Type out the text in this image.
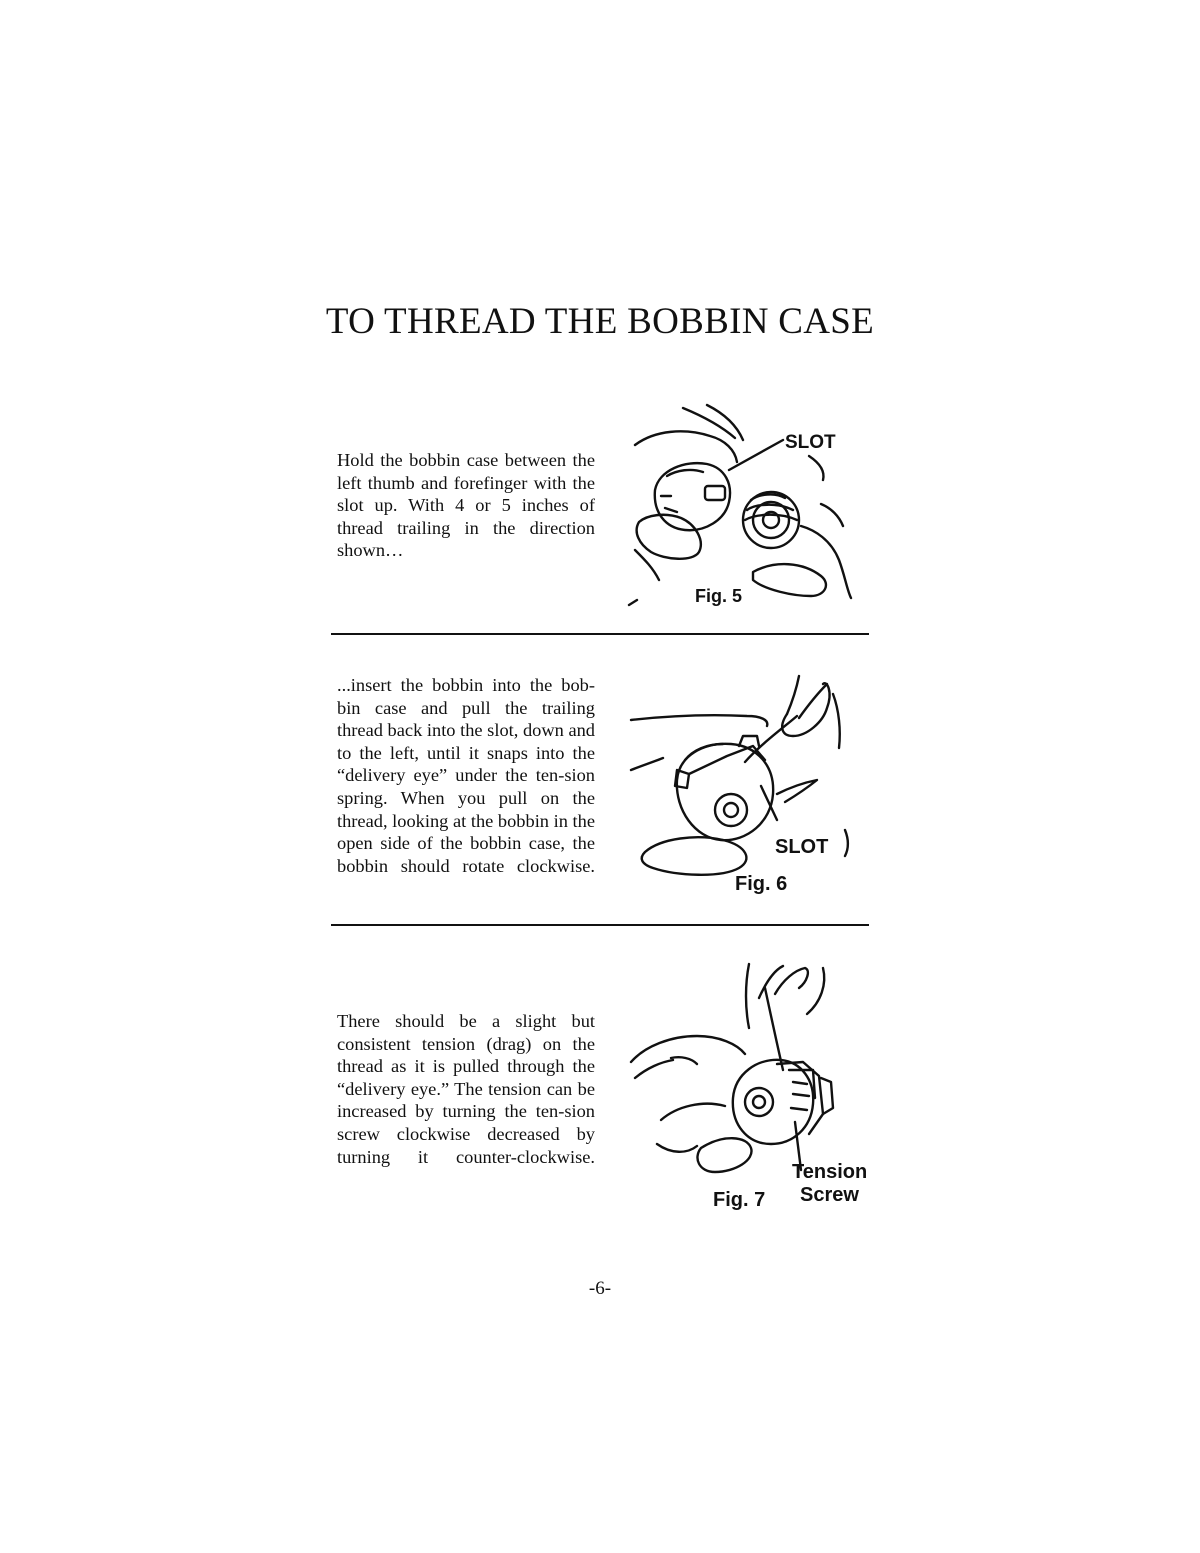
TO THREAD THE BOBBIN CASE

Hold the bobbin case between the left thumb and forefinger with the slot up. With 4 or 5 inches of thread trailing in the direction shown…

SLOT
Fig. 5

...insert the bobbin into the bob-bin case and pull the trailing thread back into the slot, down and to the left, until it snaps into the “delivery eye” under the ten-sion spring. When you pull on the thread, looking at the bobbin in the open side of the bobbin case, the bobbin should rotate clockwise.

SLOT
Fig. 6

There should be a slight but consistent tension (drag) on the thread as it is pulled through the “delivery eye.” The tension can be increased by turning the ten-sion screw clockwise decreased by turning it counter-clockwise.

Tension
Screw
Fig. 7
-6-
